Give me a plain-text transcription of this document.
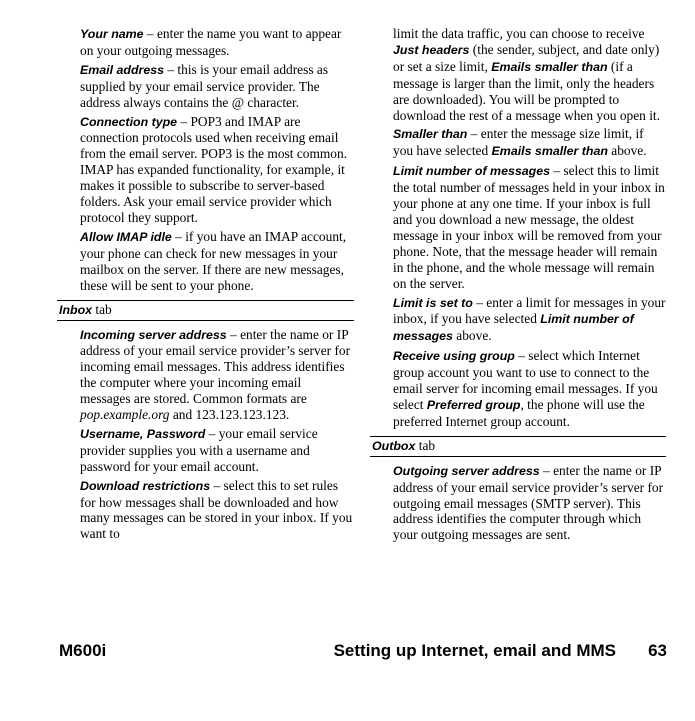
Your name – enter the name you want to appear on your outgoing messages.

Email address – this is your email address as supplied by your email service provider. The address always contains the @ character.

Connection type – POP3 and IMAP are connection protocols used when receiving email from the email server. POP3 is the most common. IMAP has expanded functionality, for example, it makes it possible to subscribe to server-based folders. Ask your email service provider which protocol they support.

Allow IMAP idle – if you have an IMAP account, your phone can check for new messages in your mailbox on the server. If there are new messages, these will be sent to your phone.

Inbox tab

Incoming server address – enter the name or IP address of your email service provider’s server for incoming email messages. This address identifies the computer where your incoming email messages are stored. Common formats are pop.example.org and 123.123.123.123.

Username, Password – your email service provider supplies you with a username and password for your email account.

Download restrictions – select this to set rules for how messages shall be downloaded and how many messages can be stored in your inbox. If you want to

limit the data traffic, you can choose to receive Just headers (the sender, subject, and date only) or set a size limit, Emails smaller than (if a message is larger than the limit, only the headers are downloaded). You will be prompted to download the rest of a message when you open it.

Smaller than – enter the message size limit, if you have selected Emails smaller than above.

Limit number of messages – select this to limit the total number of messages held in your inbox in your phone at any one time. If your inbox is full and you download a new message, the oldest message in your inbox will be removed from your phone. Note, that the message header will remain in the phone, and the whole message will remain on the server.

Limit is set to – enter a limit for messages in your inbox, if you have selected Limit number of messages above.

Receive using group – select which Internet group account you want to use to connect to the email server for incoming email messages. If you select Preferred group, the phone will use the preferred Internet group account.

Outbox tab

Outgoing server address – enter the name or IP address of your email service provider’s server for outgoing email messages (SMTP server). This address identifies the computer through which your outgoing messages are sent.

M600i	Setting up Internet, email and MMS 63
